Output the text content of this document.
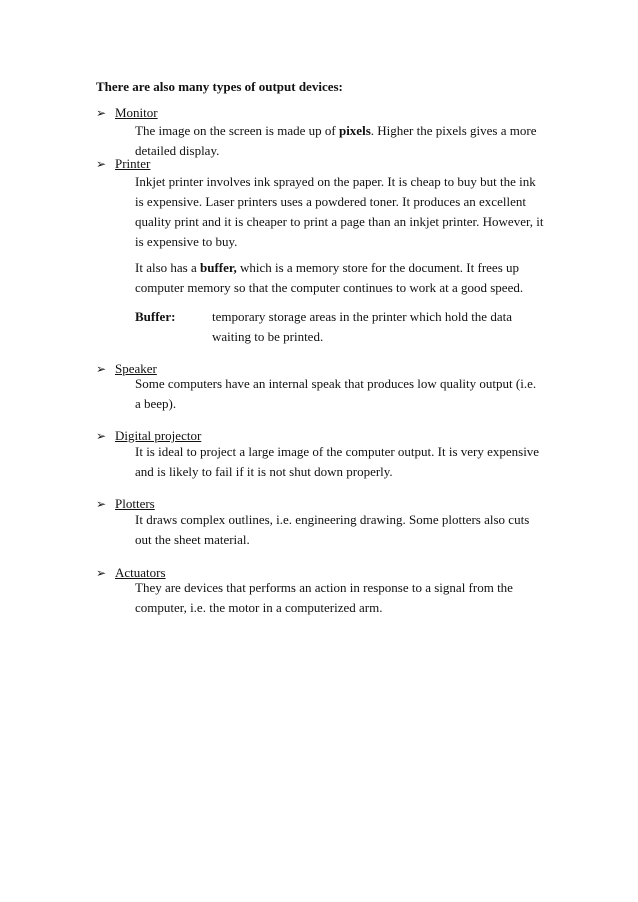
There are also many types of output devices:
➢ Monitor

The image on the screen is made up of pixels. Higher the pixels gives a more detailed display.

➢ Printer

Inkjet printer involves ink sprayed on the paper. It is cheap to buy but the ink is expensive. Laser printers uses a powdered toner. It produces an excellent quality print and it is cheaper to print a page than an inkjet printer. However, it is expensive to buy.

It also has a buffer, which is a memory store for the document. It frees up computer memory so that the computer continues to work at a good speed.

Buffer:	temporary storage areas in the printer which hold the data waiting to be printed.
➢ Speaker

Some computers have an internal speak that produces low quality output (i.e. a beep).

➢ Digital projector

It is ideal to project a large image of the computer output. It is very expensive and is likely to fail if it is not shut down properly.

➢ Plotters

It draws complex outlines, i.e. engineering drawing. Some plotters also cuts out the sheet material.

➢ Actuators

They are devices that performs an action in response to a signal from the computer, i.e. the motor in a computerized arm.
